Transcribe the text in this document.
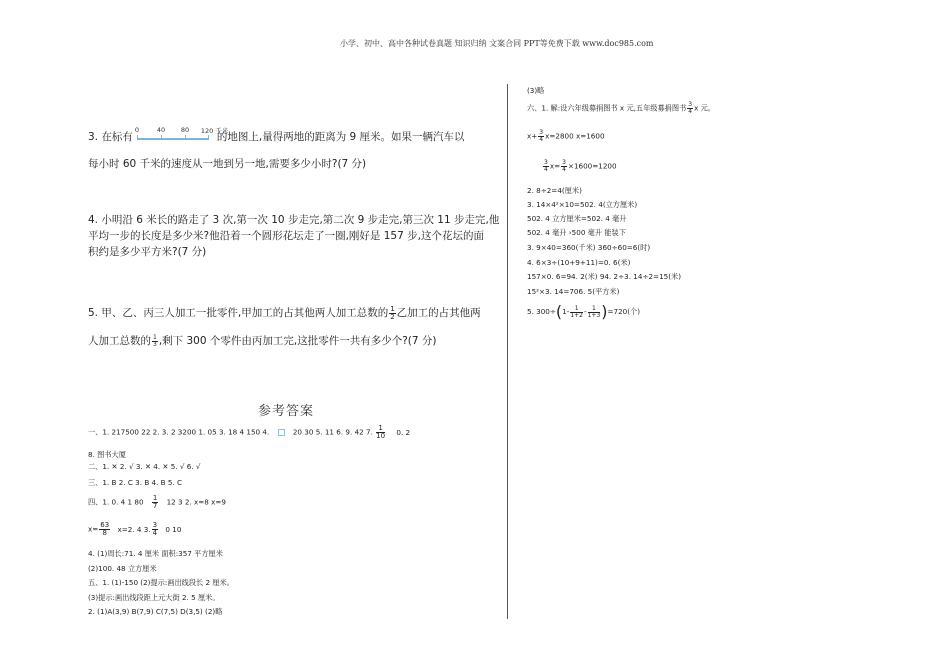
小学、初中、高中各种试卷真题 知识归纳 文案合同 PPT等免费下载 www.doc985.com
3. 在标有
0	40 80 120 千米
的地图上,量得两地的距离为 9 厘米。如果一辆汽车以
每小时 60 千米的速度从一地到另一地,需要多少小时?(7 分)
4. 小明沿 6 米长的路走了 3 次,第一次 10 步走完,第二次 9 步走完,第三次 11 步走完,他
平均一步的长度是多少米?他沿着一个圆形花坛走了一圈,刚好是 157 步,这个花坛的面
积约是多少平方米?(7 分)
5. 甲、乙、丙三人加工一批零件,甲加工的占其他两人加工总数的 $\frac{1}{2}$ 乙加工的占其他两
人加工总数的 $\frac{1}{3}$ ,剩下 300 个零件由丙加工完,这批零件一共有多少个?(7 分)
参考答案
一、1. 217500 22 2. 3. 2 3200 1. 05 3. 18 4 150 4.	20 30 5. 11 6. 9. 42 7. $\frac{1}{10} 0$. 2
8. 图书大厦
二、1. ✕ 2. √ 3. ✕ 4. ✕ 5. √ 6. √
三、1. B 2. C 3. B 4. B 5. C
四、1. 0. 4 1 $80 \frac{1}{7} 12$ 3 2. x=8 x=9
$x= \frac{63}{8} x=2$. 4 3. $\frac{3}{4} 0$ 10
4. (1)周长:71. 4 厘米 面积:357 平方厘米
(2)100. 48 立方厘米
五、1. (1)-150 (2)提示:画出线段长 2 厘米。
(3)提示:画出线段距上元大街 2. 5 厘米。
2. (1)A(3,9) B(7,9) C(7,5) D(3,5) (2)略
(3)略
六、1. 解:设六年级募捐图书 x 元,五年级募捐图书 $\frac{3}{4}$ x 元。
$x+ \frac{3}{4} x=2800$ x=1600
$\frac{3}{4} x= \frac{3}{4} \times 1600=1200$
2. 8÷2=4(厘米)
3. 14×4²×10=502. 4(立方厘米)
502. 4 立方厘米=502. 4 毫升
502. 4 毫升 ›500 毫升 能装下
3. 9×40=360(千米) 360÷60=6(时)
4. 6×3÷(10+9+11)=0. 6(米)
157×0. 6=94. 2(米) 94. 2÷3. 14÷2=15(米)
15²×3. 14=706. 5(平方米)
5. $300\div(1- \frac{1}{1+2} - \frac{1}{1+3} )=720$(个)
